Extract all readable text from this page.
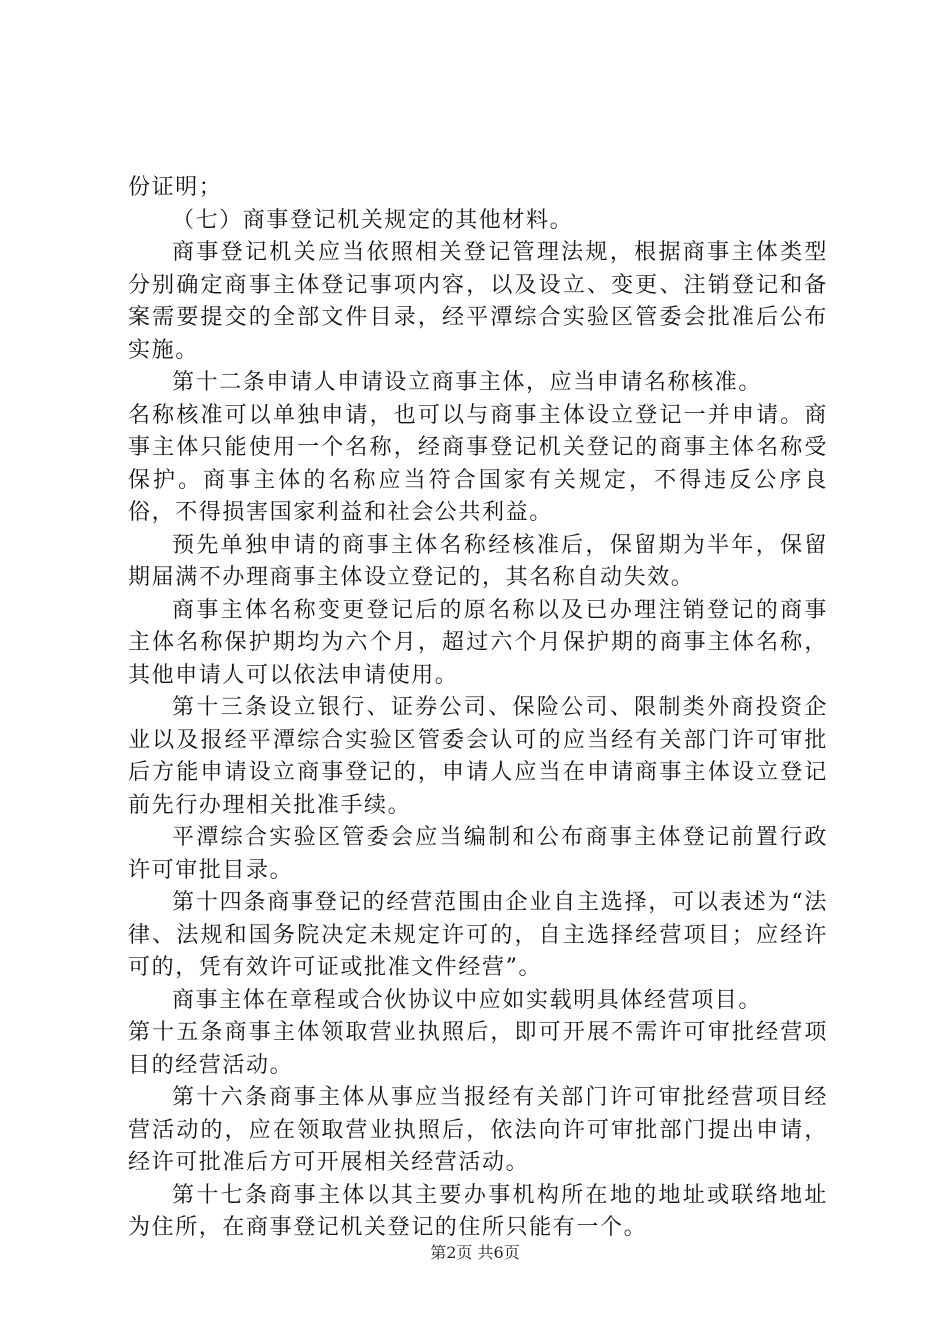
份证明；

（七）商事登记机关规定的其他材料。

商事登记机关应当依照相关登记管理法规，根据商事主体类型分别确定商事主体登记事项内容，以及设立、变更、注销登记和备案需要提交的全部文件目录，经平潭综合实验区管委会批准后公布实施。

第十二条申请人申请设立商事主体，应当申请名称核准。

名称核准可以单独申请，也可以与商事主体设立登记一并申请。商事主体只能使用一个名称，经商事登记机关登记的商事主体名称受保护。商事主体的名称应当符合国家有关规定，不得违反公序良俗，不得损害国家利益和社会公共利益。

预先单独申请的商事主体名称经核准后，保留期为半年，保留期届满不办理商事主体设立登记的，其名称自动失效。

商事主体名称变更登记后的原名称以及已办理注销登记的商事主体名称保护期均为六个月，超过六个月保护期的商事主体名称，其他申请人可以依法申请使用。

第十三条设立银行、证券公司、保险公司、限制类外商投资企业以及报经平潭综合实验区管委会认可的应当经有关部门许可审批后方能申请设立商事登记的，申请人应当在申请商事主体设立登记前先行办理相关批准手续。

平潭综合实验区管委会应当编制和公布商事主体登记前置行政许可审批目录。

第十四条商事登记的经营范围由企业自主选择，可以表述为“法律、法规和国务院决定未规定许可的，自主选择经营项目；应经许可的，凭有效许可证或批准文件经营”。

商事主体在章程或合伙协议中应如实载明具体经营项目。

第十五条商事主体领取营业执照后，即可开展不需许可审批经营项目的经营活动。

第十六条商事主体从事应当报经有关部门许可审批经营项目经营活动的，应在领取营业执照后，依法向许可审批部门提出申请，经许可批准后方可开展相关经营活动。

第十七条商事主体以其主要办事机构所在地的地址或联络地址为住所，在商事登记机关登记的住所只能有一个。

第2页 共6页
